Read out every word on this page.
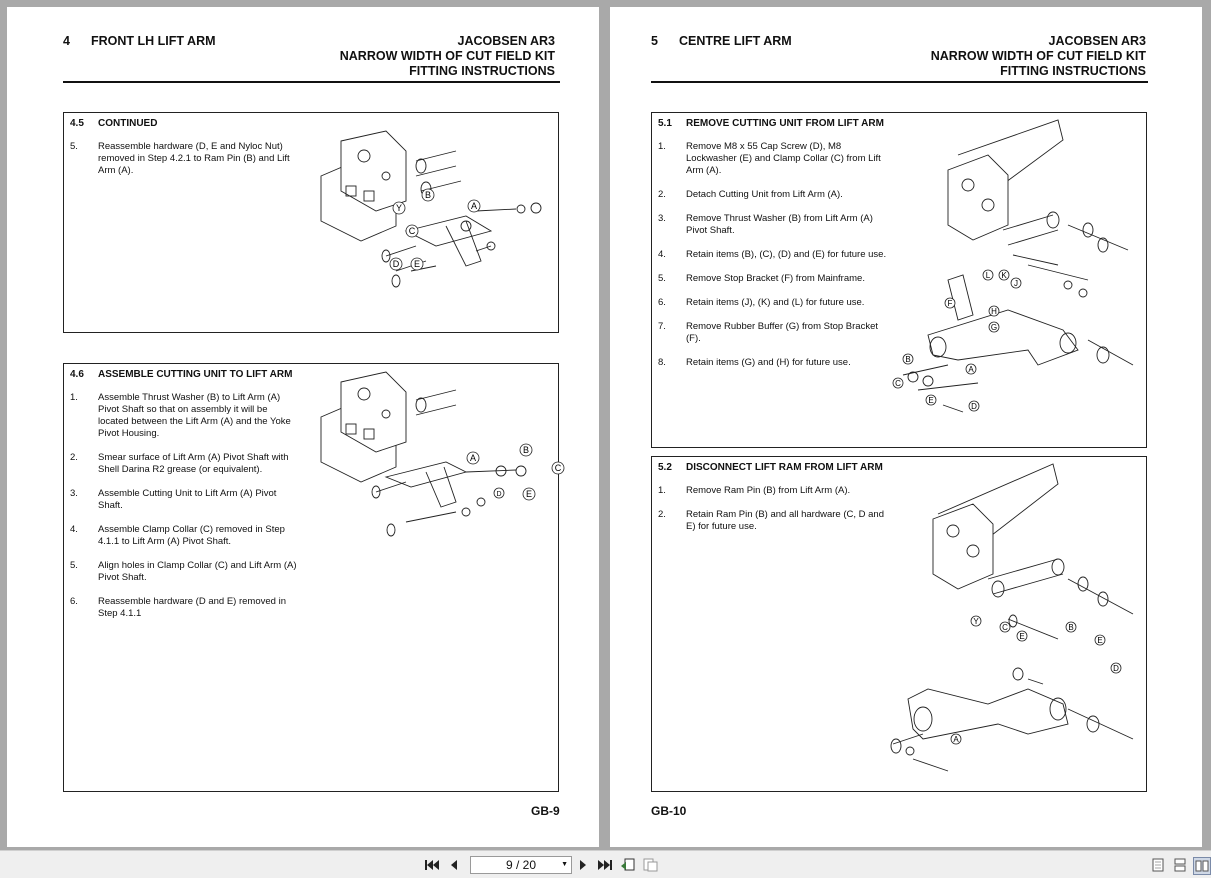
4 FRONT LH LIFT ARM	JACOBSEN AR3
NARROW WIDTH OF CUT FIELD KIT
FITTING INSTRUCTIONS
4.5 CONTINUED
5.	Reassemble hardware (D, E and Nyloc Nut)
removed in Step 4.2.1 to Ram Pin (B) and Lift
Arm (A).
B
A
Y
C
D E
4.6 ASSEMBLE CUTTING UNIT TO LIFT ARM
1.	Assemble Thrust Washer (B) to Lift Arm (A)
Pivot Shaft so that on assembly it will be
located between the Lift Arm (A) and the Yoke
Pivot Housing.
2.	Smear surface of Lift Arm (A) Pivot Shaft with
Shell Darina R2 grease (or equivalent).
3.	Assemble Cutting Unit to Lift Arm (A) Pivot
Shaft.
4.	Assemble Clamp Collar (C) removed in Step
4.1.1 to Lift Arm (A) Pivot Shaft.
5.	Align holes in Clamp Collar (C) and Lift Arm (A)
Pivot Shaft.
6.	Reassemble hardware (D and E) removed in
Step 4.1.1
B
A
C
D	E
GB-9
5 CENTRE LIFT ARM	JACOBSEN AR3
NARROW WIDTH OF CUT FIELD KIT
FITTING INSTRUCTIONS
5.1 REMOVE CUTTING UNIT FROM LIFT ARM
1.	Remove M8 x 55 Cap Screw (D), M8
Lockwasher (E) and Clamp Collar (C) from Lift
Arm (A).
2.	Detach Cutting Unit from Lift Arm (A).
3.	Remove Thrust Washer (B) from Lift Arm (A)
Pivot Shaft.
4.	Retain items (B), (C), (D) and (E) for future use.
5.	Remove Stop Bracket (F) from Mainframe.
6.	Retain items (J), (K) and (L) for future use.
7.	Remove Rubber Buffer (G) from Stop Bracket
(F).
8.	Retain items (G) and (H) for future use.
L K
J
F
H
G
A
B
C
E
D
5.2 DISCONNECT LIFT RAM FROM LIFT ARM
1.	Remove Ram Pin (B) from Lift Arm (A).
2.	Retain Ram Pin (B) and all hardware (C, D and
E) for future use.
Y
C
E
B
E
D
A
GB-10
9 / 20	▼
